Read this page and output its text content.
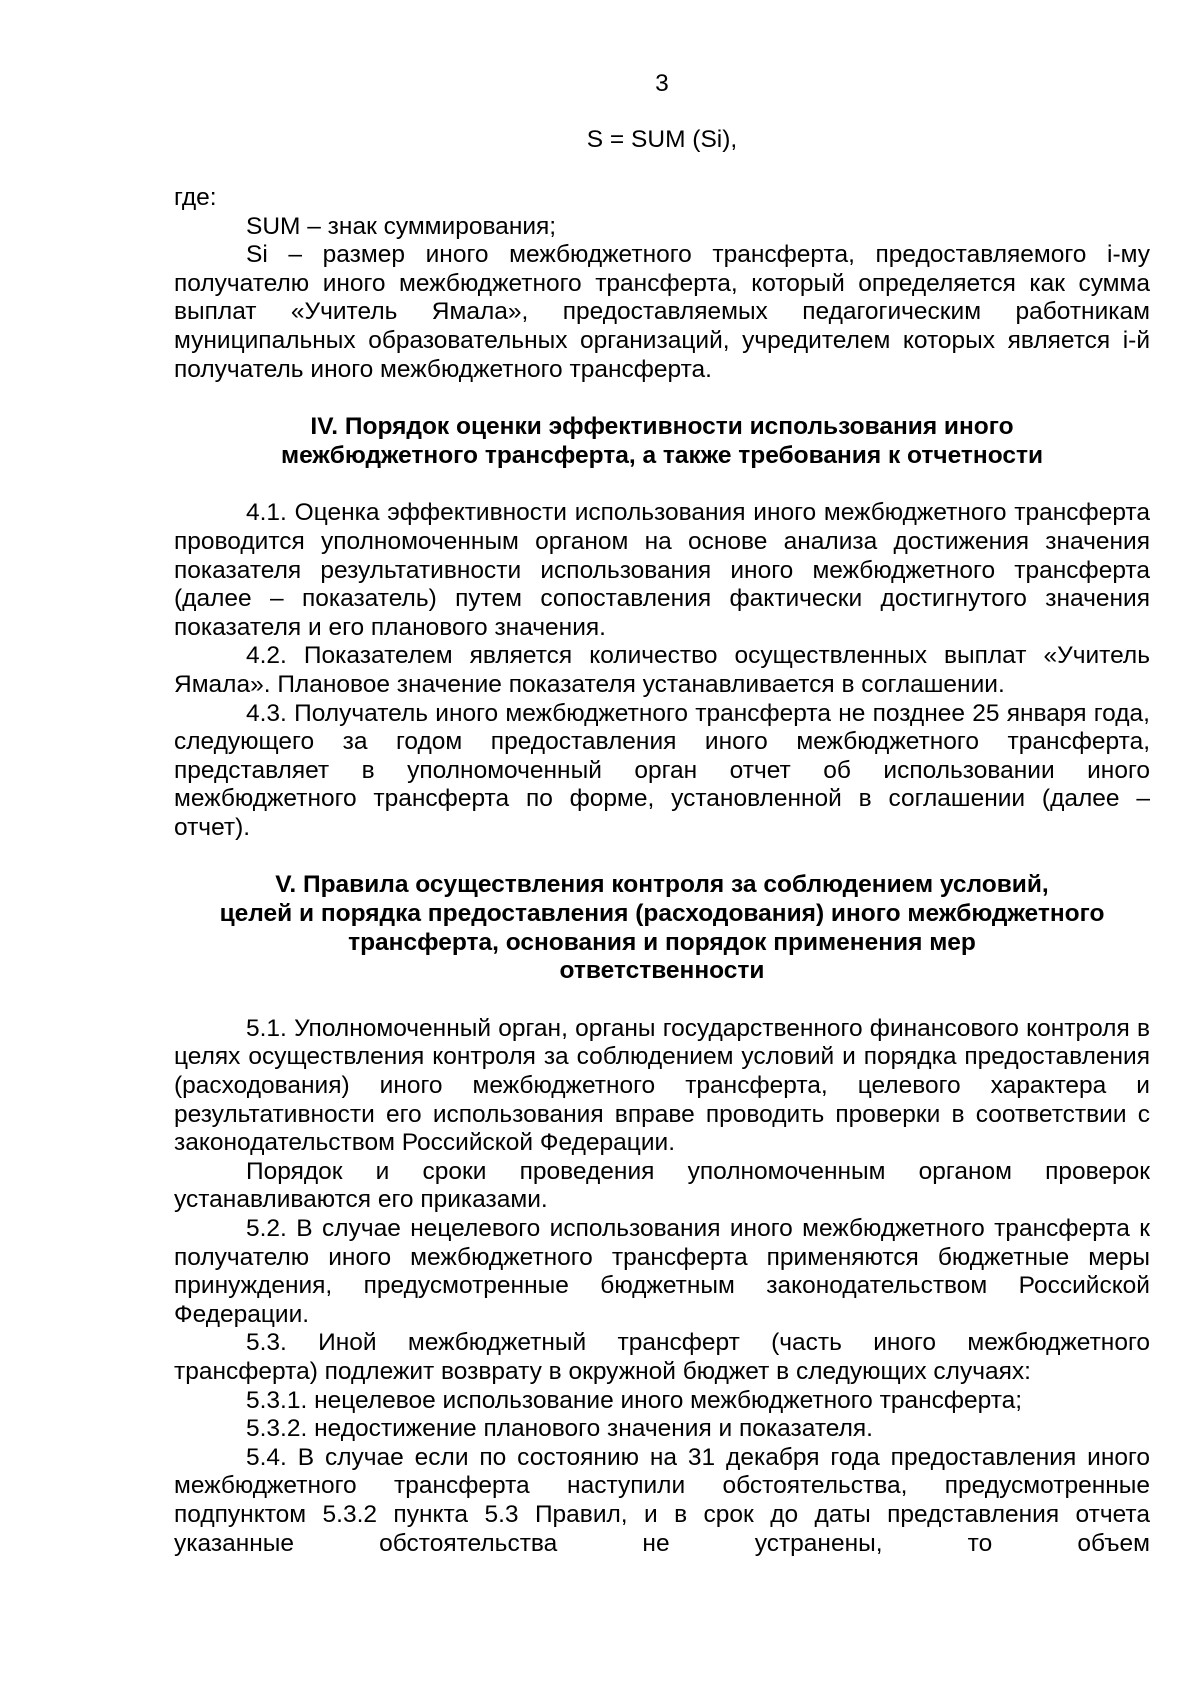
3
S = SUM (Si),

где:

SUM – знак суммирования;

Si – размер иного межбюджетного трансферта, предоставляемого i-му получателю иного межбюджетного трансферта, который определяется как сумма выплат «Учитель Ямала», предоставляемых педагогическим работникам муниципальных образовательных организаций, учредителем которых является i-й получатель иного межбюджетного трансферта.

IV. Порядок оценки эффективности использования иного
межбюджетного трансферта, а также требования к отчетности

4.1. Оценка эффективности использования иного межбюджетного трансферта проводится уполномоченным органом на основе анализа достижения значения показателя результативности использования иного межбюджетного трансферта (далее – показатель) путем сопоставления фактически достигнутого значения показателя и его планового значения.

4.2. Показателем является количество осуществленных выплат «Учитель Ямала». Плановое значение показателя устанавливается в соглашении.

4.3. Получатель иного межбюджетного трансферта не позднее 25 января года, следующего за годом предоставления иного межбюджетного трансферта, представляет в уполномоченный орган отчет об использовании иного межбюджетного трансферта по форме, установленной в соглашении (далее – отчет).

V. Правила осуществления контроля за соблюдением условий,
целей и порядка предоставления (расходования) иного межбюджетного
трансферта, основания и порядок применения мер
ответственности

5.1. Уполномоченный орган, органы государственного финансового контроля в целях осуществления контроля за соблюдением условий и порядка предоставления (расходования) иного межбюджетного трансферта, целевого характера и результативности его использования вправе проводить проверки в соответствии с законодательством Российской Федерации.

Порядок и сроки проведения уполномоченным органом проверок устанавливаются его приказами.

5.2. В случае нецелевого использования иного межбюджетного трансферта к получателю иного межбюджетного трансферта применяются бюджетные меры принуждения, предусмотренные бюджетным законодательством Российской Федерации.

5.3. Иной межбюджетный трансферт (часть иного межбюджетного трансферта) подлежит возврату в окружной бюджет в следующих случаях:

5.3.1. нецелевое использование иного межбюджетного трансферта;

5.3.2. недостижение планового значения и показателя.

5.4. В случае если по состоянию на 31 декабря года предоставления иного межбюджетного трансферта наступили обстоятельства, предусмотренные подпунктом 5.3.2 пункта 5.3 Правил, и в срок до даты представления отчета указанные обстоятельства не устранены, то объем
